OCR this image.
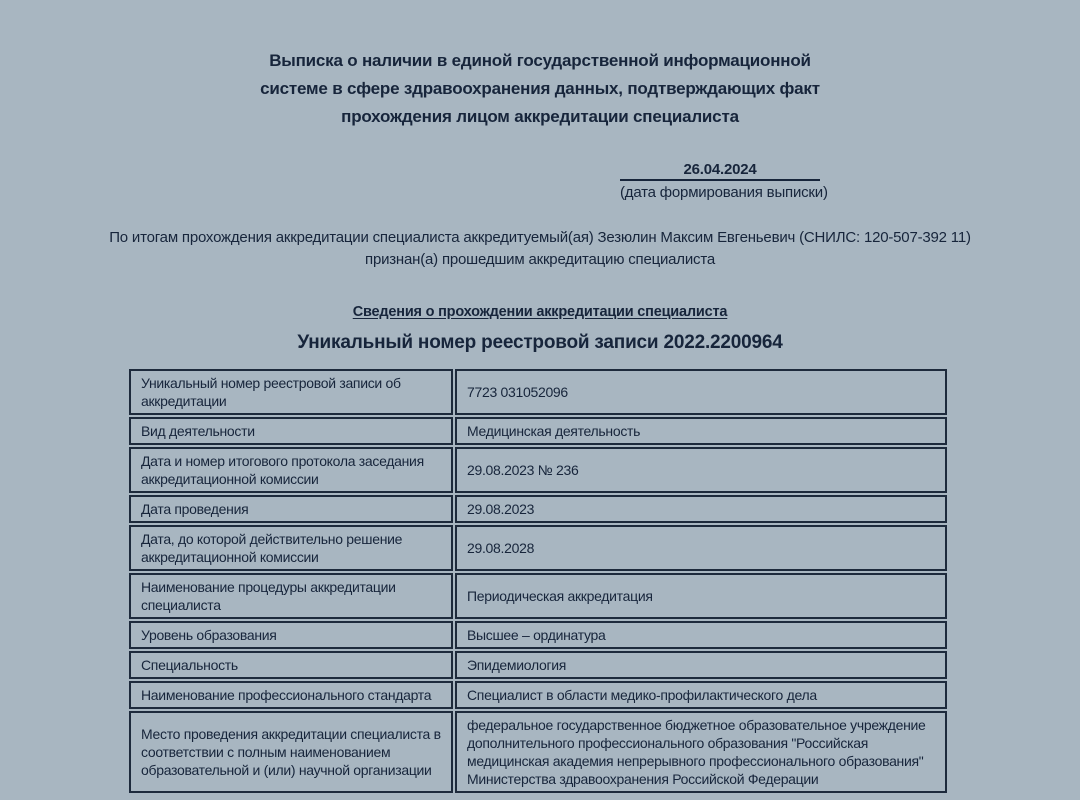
Выписка о наличии в единой государственной информационной
системе в сфере здравоохранения данных, подтверждающих факт
прохождения лицом аккредитации специалиста
26.04.2024
(дата формирования выписки)
По итогам прохождения аккредитации специалиста аккредитуемый(ая) Зезюлин Максим Евгеньевич (СНИЛС: 120-507-392 11)
признан(а) прошедшим аккредитацию специалиста
Сведения о прохождении аккредитации специалиста
Уникальный номер реестровой записи 2022.2200964
Уникальный номер реестровой записи об аккредитации	7723 031052096
Вид деятельности	Медицинская деятельность
Дата и номер итогового протокола заседания аккредитационной комиссии	29.08.2023 № 236
Дата проведения	29.08.2023
Дата, до которой действительно решение аккредитационной комиссии	29.08.2028
Наименование процедуры аккредитации специалиста	Периодическая аккредитация
Уровень образования	Высшее – ординатура
Специальность	Эпидемиология
Наименование профессионального стандарта	Специалист в области медико-профилактического дела
Место проведения аккредитации специалиста в соответствии с полным наименованием образовательной и (или) научной организации	федеральное государственное бюджетное образовательное учреждение дополнительного профессионального образования "Российская медицинская академия непрерывного профессионального образования" Министерства здравоохранения Российской Федерации
